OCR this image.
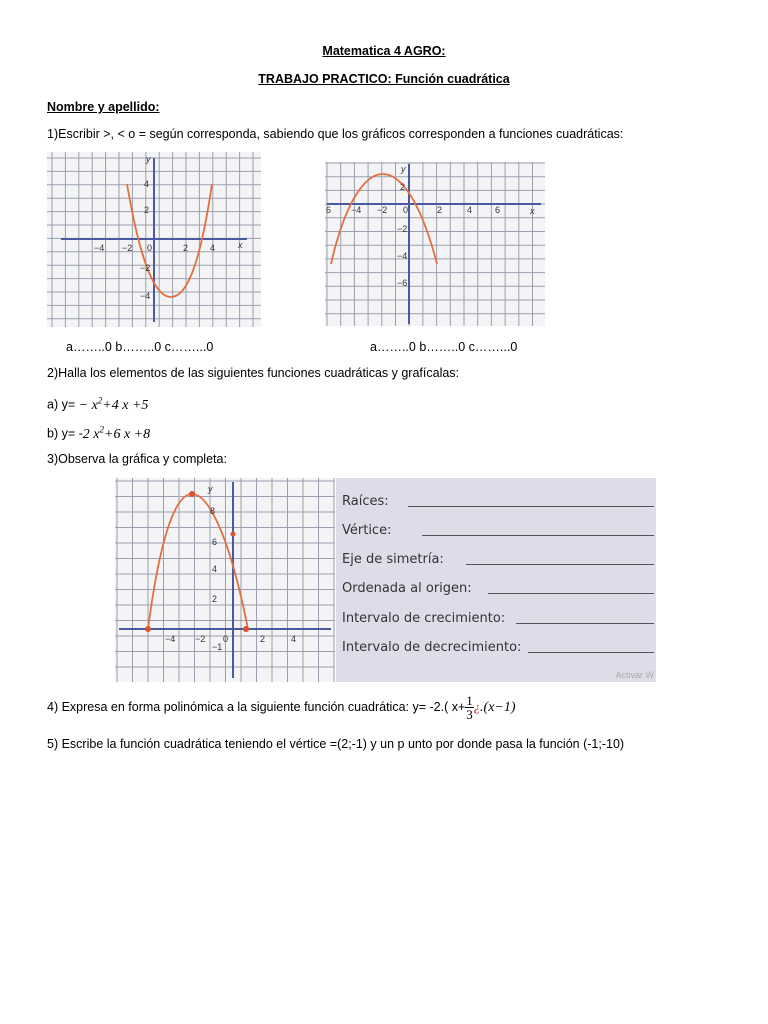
Matematica 4 AGRO:
TRABAJO PRACTICO: Función cuadrática
Nombre y apellido:
1)Escribir >, < o = según corresponda, sabiendo que los gráficos corresponden a funciones cuadráticas:
−4 −2 0	2 4
4
2
−2
−4
x
y
6 −4 −2 0	2	4	6
2
−2
−4
−6
x
y
a……..0 b……..0 c……...0	a……..0 b……..0 c……...0
2)Halla los elementos de las siguientes funciones cuadráticas y grafícalas:
a) $y= - x^2+4$ x +5
b) y= -2 $x^2+6$ x +8
3)Observa la gráfica y completa:
−4 −2 0	2	4
8
6
4
2
−1
y
Raíces:
Vértice:
Eje de simetría:
Ordenada al origen:
Intervalo de crecimiento:
Intervalo de decrecimiento:
Activar W
4) Expresa en forma polinómica a la siguiente función cuadrática: y= -2.( $x+ \frac{1}{3}$ ¿.(x−1)
5) Escribe la función cuadrática teniendo el vértice =(2;-1) y un p unto por donde pasa la función (-1;-10)
